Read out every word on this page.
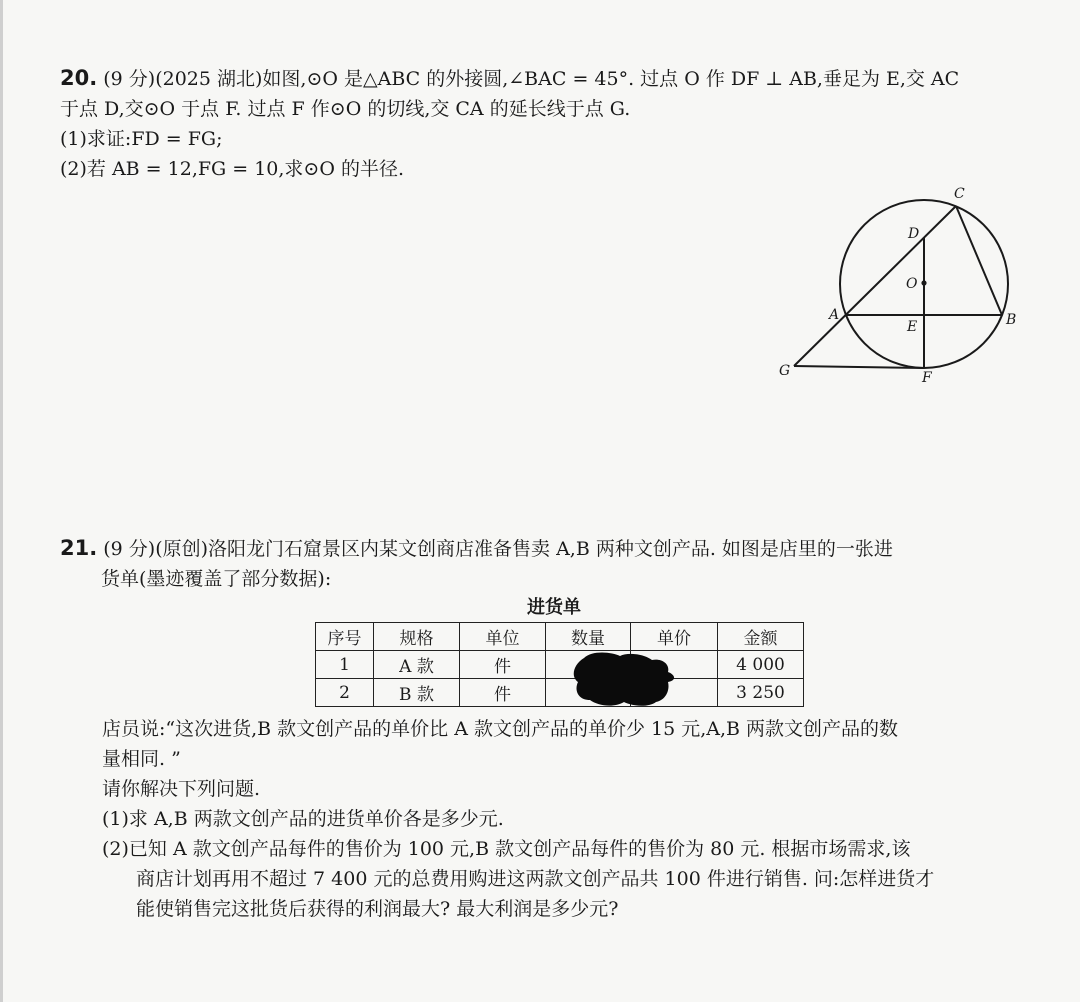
20. (9 分)(2025 湖北)如图,⊙O 是△ABC 的外接圆,∠BAC = 45°. 过点 O 作 DF ⊥ AB,垂足为 E,交 AC
于点 D,交⊙O 于点 F. 过点 F 作⊙O 的切线,交 CA 的延长线于点 G.
(1)求证:FD = FG;
(2)若 AB = 12,FG = 10,求⊙O 的半径.
C
D
O
A
E	B
G	F
21. (9 分)(原创)洛阳龙门石窟景区内某文创商店准备售卖 A,B 两种文创产品. 如图是店里的一张进
货单(墨迹覆盖了部分数据):
进货单
序号	规格	单位	数量	单价	金额
1	A 款	件			4 000
2	B 款	件			3 250
店员说:“这次进货,B 款文创产品的单价比 A 款文创产品的单价少 15 元,A,B 两款文创产品的数
量相同. ”
请你解决下列问题.
(1)求 A,B 两款文创产品的进货单价各是多少元.
(2)已知 A 款文创产品每件的售价为 100 元,B 款文创产品每件的售价为 80 元. 根据市场需求,该
商店计划再用不超过 7 400 元的总费用购进这两款文创产品共 100 件进行销售. 问:怎样进货才
能使销售完这批货后获得的利润最大? 最大利润是多少元?
